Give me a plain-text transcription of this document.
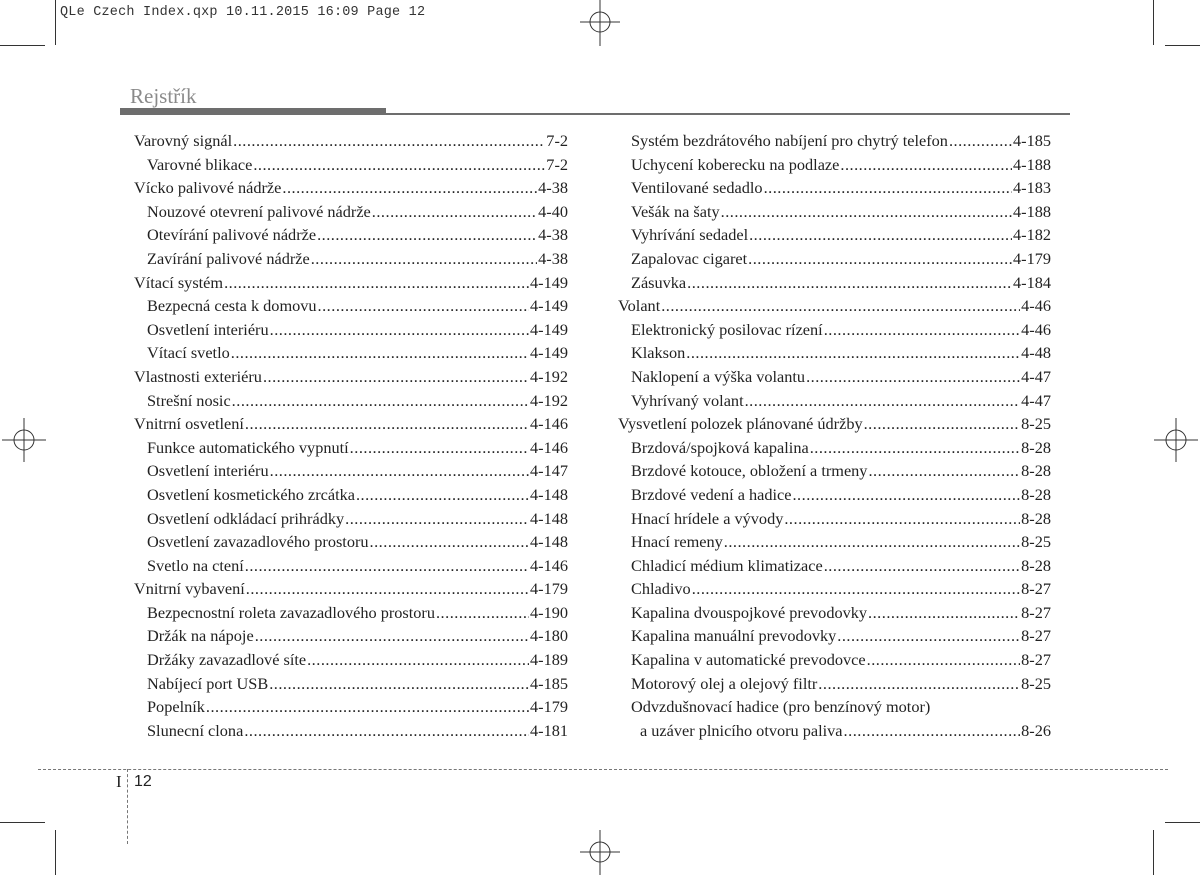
QLe Czech Index.qxp 10.11.2015 16:09 Page 12
Rejstřík
Varovný signál .....	7-2
Varovné blikace .....	7-2
Vícko palivové nádrže .....	4-38
Nouzové otevrení palivové nádrže .....	4-40
Otevírání palivové nádrže .....	4-38
Zavírání palivové nádrže .....	4-38
Vítací systém .....	4-149
Bezpecná cesta k domovu .....	4-149
Osvetlení interiéru .....	4-149
Vítací svetlo .....	4-149
Vlastnosti exteriéru .....	4-192
Strešní nosic .....	4-192
Vnitrní osvetlení .....	4-146
Funkce automatického vypnutí .....	4-146
Osvetlení interiéru .....	4-147
Osvetlení kosmetického zrcátka .....	4-148
Osvetlení odkládací prihrádky .....	4-148
Osvetlení zavazadlového prostoru .....	4-148
Svetlo na ctení .....	4-146
Vnitrní vybavení .....	4-179
Bezpecnostní roleta zavazadlového prostoru .....	4-190
Držák na nápoje .....	4-180
Držáky zavazadlové síte .....	4-189
Nabíjecí port USB .....	4-185
Popelník .....	4-179
Slunecní clona .....	4-181
Systém bezdrátového nabíjení pro chytrý telefon .....	4-185
Uchycení koberecku na podlaze .....	4-188
Ventilované sedadlo .....	4-183
Vešák na šaty .....	4-188
Vyhrívání sedadel .....	4-182
Zapalovac cigaret .....	4-179
Zásuvka .....	4-184
Volant .....	4-46
Elektronický posilovac rízení .....	4-46
Klakson .....	4-48
Naklopení a výška volantu .....	4-47
Vyhrívaný volant .....	4-47
Vysvetlení polozek plánované údržby .....	8-25
Brzdová/spojková kapalina .....	8-28
Brzdové kotouce, obložení a trmeny .....	8-28
Brzdové vedení a hadice .....	8-28
Hnací hrídele a vývody .....	8-28
Hnací remeny .....	8-25
Chladicí médium klimatizace .....	8-28
Chladivo .....	8-27
Kapalina dvouspojkové prevodovky .....	8-27
Kapalina manuální prevodovky .....	8-27
Kapalina v automatické prevodovce .....	8-27
Motorový olej a olejový filtr .....	8-25
Odvzdušnovací hadice (pro benzínový motor)
a uzáver plnicího otvoru paliva .....	8-26
I 12
